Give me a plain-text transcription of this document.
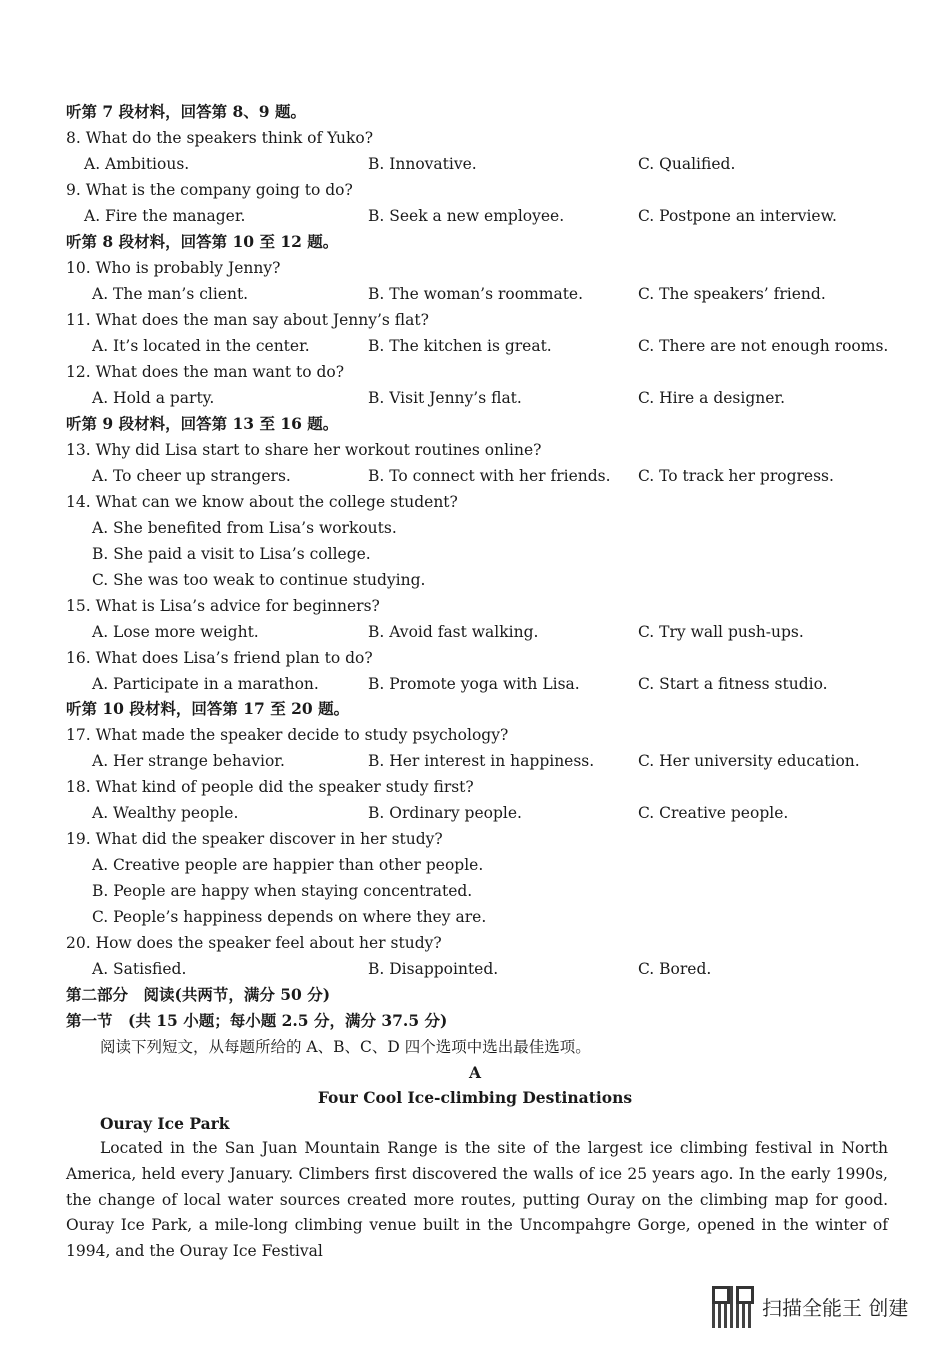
听第 7 段材料，回答第 8、9 题。
8. What do the speakers think of Yuko?
A. Ambitious.	B. Innovative.	C. Qualified.
9. What is the company going to do?
A. Fire the manager.	B. Seek a new employee.	C. Postpone an interview.
听第 8 段材料，回答第 10 至 12 题。
10. Who is probably Jenny?
A. The man’s client.	B. The woman’s roommate.	C. The speakers’ friend.
11. What does the man say about Jenny’s flat?
A. It’s located in the center.	B. The kitchen is great.	C. There are not enough rooms.
12. What does the man want to do?
A. Hold a party.	B. Visit Jenny’s flat.	C. Hire a designer.
听第 9 段材料，回答第 13 至 16 题。
13. Why did Lisa start to share her workout routines online?
A. To cheer up strangers.	B. To connect with her friends. C. To track her progress.
14. What can we know about the college student?
A. She benefited from Lisa’s workouts.
B. She paid a visit to Lisa’s college.
C. She was too weak to continue studying.
15. What is Lisa’s advice for beginners?
A. Lose more weight.	B. Avoid fast walking.	C. Try wall push-ups.
16. What does Lisa’s friend plan to do?
A. Participate in a marathon.	B. Promote yoga with Lisa.	C. Start a fitness studio.
听第 10 段材料，回答第 17 至 20 题。
17. What made the speaker decide to study psychology?
A. Her strange behavior.	B. Her interest in happiness.	C. Her university education.
18. What kind of people did the speaker study first?
A. Wealthy people.	B. Ordinary people.	C. Creative people.
19. What did the speaker discover in her study?
A. Creative people are happier than other people.
B. People are happy when staying concentrated.
C. People’s happiness depends on where they are.
20. How does the speaker feel about her study?
A. Satisfied.	B. Disappointed.	C. Bored.
第二部分　阅读(共两节，满分 50 分)
第一节　(共 15 小题；每小题 2.5 分，满分 37.5 分)
阅读下列短文，从每题所给的 A、B、C、D 四个选项中选出最佳选项。
A
Four Cool Ice-climbing Destinations
Ouray Ice Park
Located in the San Juan Mountain Range is the site of the largest ice climbing festival in North America, held every January. Climbers first discovered the walls of ice 25 years ago. In the early 1990s, the change of local water sources created more routes, putting Ouray on the climbing map for good. Ouray Ice Park, a mile-long climbing venue built in the Uncompahgre Gorge, opened in the winter of 1994, and the Ouray Ice Festival
扫描全能王 创建
